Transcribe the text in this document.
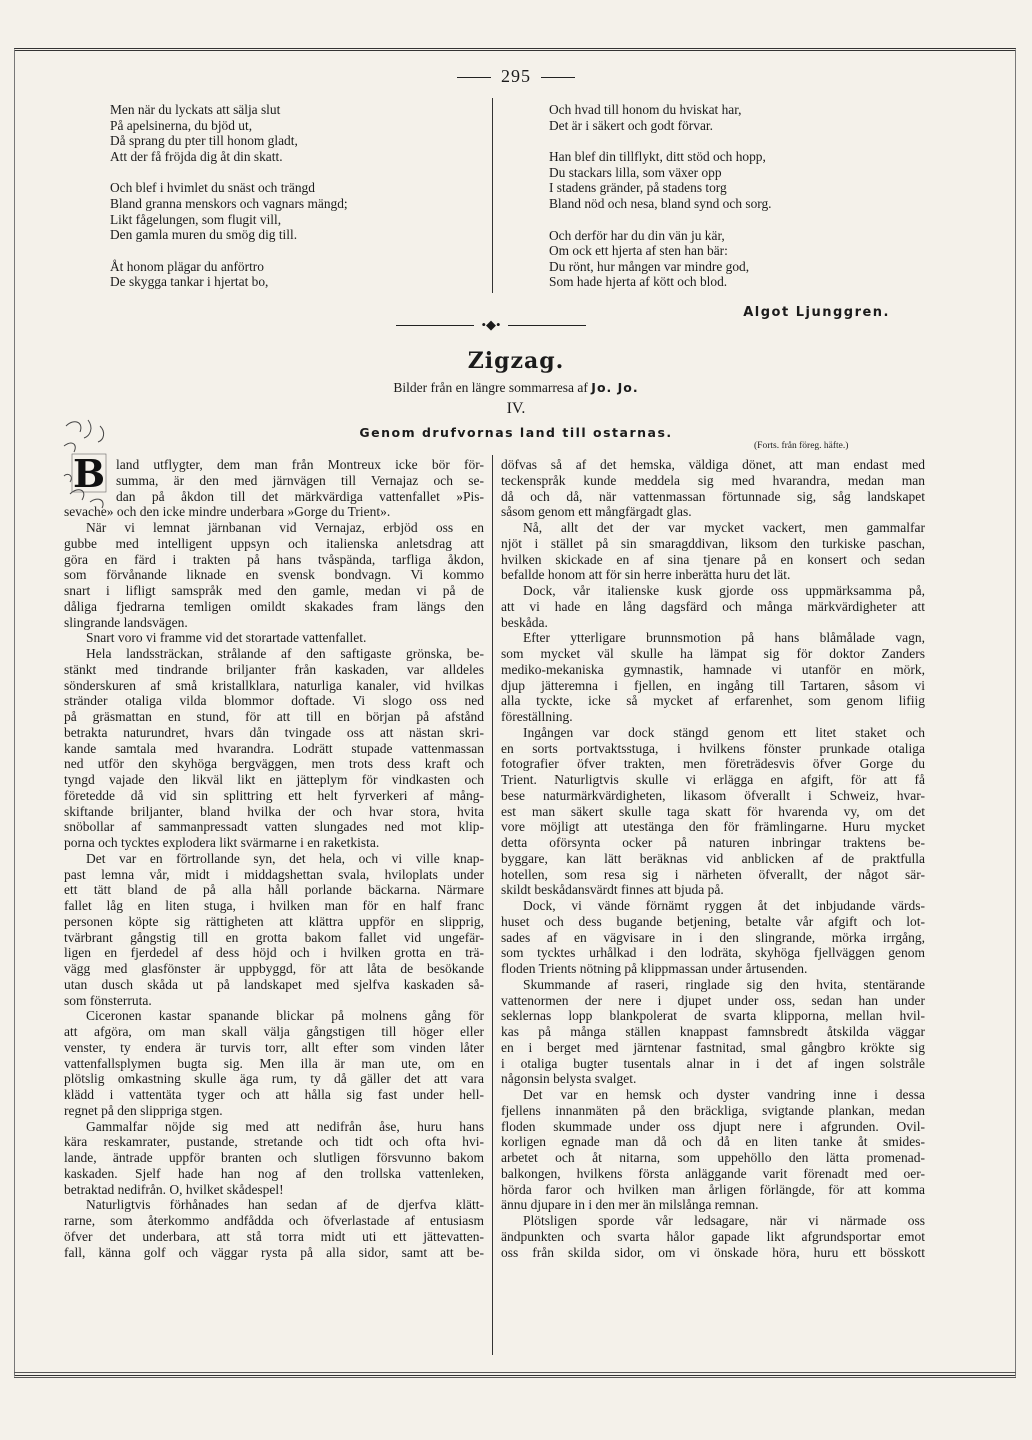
295
Men när du lyckats att sälja slut
På apelsinerna, du bjöd ut,
Då sprang du pter till honom gladt,
Att der få fröjda dig åt din skatt.
Och blef i hvimlet du snäst och trängd
Bland granna menskors och vagnars mängd;
Likt fågelungen, som flugit vill,
Den gamla muren du smög dig till.
Åt honom plägar du anförtro
De skygga tankar i hjertat bo,
Och hvad till honom du hviskat har,
Det är i säkert och godt förvar.
Han blef din tillflykt, ditt stöd och hopp,
Du stackars lilla, som växer opp
I stadens gränder, på stadens torg
Bland nöd och nesa, bland synd och sorg.
Och derför har du din vän ju kär,
Om ock ett hjerta af sten han bär:
Du rönt, hur mången var mindre god,
Som hade hjerta af kött och blod.
Algot Ljunggren.
•◆•
Zigzag.
Bilder från en längre sommarresa af Jo. Jo.
IV.
Genom drufvornas land till ostarnas.
(Forts. från föreg. häfte.)
B land utflygter, dem man från Montreux icke bör för-
summa, är den med järnvägen till Vernajaz och se-
dan på åkdon till det märkvärdiga vattenfallet »Pis-
sevache» och den icke mindre underbara »Gorge du Trient».
När vi lemnat järnbanan vid Vernajaz, erbjöd oss en
gubbe med intelligent uppsyn och italienska anletsdrag att
göra en färd i trakten på hans tvåspända, tarfliga åkdon,
som förvånande liknade en svensk bondvagn. Vi kommo
snart i lifligt samspråk med den gamle, medan vi på de
dåliga fjedrarna temligen omildt skakades fram längs den
slingrande landsvägen.
Snart voro vi framme vid det storartade vattenfallet.
Hela landssträckan, strålande af den saftigaste grönska, be-
stänkt med tindrande briljanter från kaskaden, var alldeles
sönderskuren af små kristallklara, naturliga kanaler, vid hvilkas
stränder otaliga vilda blommor doftade. Vi slogo oss ned
på gräsmattan en stund, för att till en början på afstånd
betrakta naturundret, hvars dån tvingade oss att nästan skri-
kande samtala med hvarandra. Lodrätt stupade vattenmassan
ned utför den skyhöga bergväggen, men trots dess kraft och
tyngd vajade den likväl likt en jätteplym för vindkasten och
företedde då vid sin splittring ett helt fyrverkeri af mång-
skiftande briljanter, bland hvilka der och hvar stora, hvita
snöbollar af sammanpressadt vatten slungades ned mot klip-
porna och tycktes explodera likt svärmarne i en raketkista.
Det var en förtrollande syn, det hela, och vi ville knap-
past lemna vår, midt i middagshettan svala, hviloplats under
ett tätt bland de på alla håll porlande bäckarna. Närmare
fallet låg en liten stuga, i hvilken man för en half franc
personen köpte sig rättigheten att klättra uppför en slipprig,
tvärbrant gångstig till en grotta bakom fallet vid ungefär-
ligen en fjerdedel af dess höjd och i hvilken grotta en trä-
vägg med glasfönster är uppbyggd, för att låta de besökande
utan dusch skåda ut på landskapet med sjelfva kaskaden så-
som fönsterruta.
Ciceronen kastar spanande blickar på molnens gång för
att afgöra, om man skall välja gångstigen till höger eller
venster, ty endera är turvis torr, allt efter som vinden låter
vattenfallsplymen bugta sig. Men illa är man ute, om en
plötslig omkastning skulle äga rum, ty då gäller det att vara
klädd i vattentäta tyger och att hålla sig fast under hell-
regnet på den slippriga stgen.
Gammalfar nöjde sig med att nedifrån åse, huru hans
kära reskamrater, pustande, stretande och tidt och ofta hvi-
lande, äntrade uppför branten och slutligen försvunno bakom
kaskaden. Sjelf hade han nog af den trollska vattenleken,
betraktad nedifrån. O, hvilket skådespel!
Naturligtvis förhånades han sedan af de djerfva klätt-
rarne, som återkommo andfådda och öfverlastade af entusiasm
öfver det underbara, att stå torra midt uti ett jättevatten-
fall, känna golf och väggar rysta på alla sidor, samt att be-
döfvas så af det hemska, väldiga dönet, att man endast med
teckenspråk kunde meddela sig med hvarandra, medan man
då och då, när vattenmassan förtunnade sig, såg landskapet
såsom genom ett mångfärgadt glas.
Nå, allt det der var mycket vackert, men gammalfar
njöt i stället på sin smaragddivan, liksom den turkiske paschan,
hvilken skickade en af sina tjenare på en konsert och sedan
befallde honom att för sin herre inberätta huru det lät.
Dock, vår italienske kusk gjorde oss uppmärksamma på,
att vi hade en lång dagsfärd och många märkvärdigheter att
beskåda.
Efter ytterligare brunnsmotion på hans blåmålade vagn,
som mycket väl skulle ha lämpat sig för doktor Zanders
mediko-mekaniska gymnastik, hamnade vi utanför en mörk,
djup jätteremna i fjellen, en ingång till Tartaren, såsom vi
alla tyckte, icke så mycket af erfarenhet, som genom lifiig
föreställning.
Ingången var dock stängd genom ett litet staket och
en sorts portvaktsstuga, i hvilkens fönster prunkade otaliga
fotografier öfver trakten, men företrädesvis öfver Gorge du
Trient. Naturligtvis skulle vi erlägga en afgift, för att få
bese naturmärkvärdigheten, likasom öfverallt i Schweiz, hvar-
est man säkert skulle taga skatt för hvarenda vy, om det
vore möjligt att utestänga den för främlingarne. Huru mycket
detta oförsynta ocker på naturen inbringar traktens be-
byggare, kan lätt beräknas vid anblicken af de praktfulla
hotellen, som resa sig i närheten öfverallt, der något sär-
skildt beskådansvärdt finnes att bjuda på.
Dock, vi vände förnämt ryggen åt det inbjudande värds-
huset och dess bugande betjening, betalte vår afgift och lot-
sades af en vägvisare in i den slingrande, mörka irrgång,
som tycktes urhålkad i den lodräta, skyhöga fjellväggen genom
floden Trients nötning på klippmassan under årtusenden.
Skummande af raseri, ringlade sig den hvita, stentärande
vattenormen der nere i djupet under oss, sedan han under
seklernas lopp blankpolerat de svarta klipporna, mellan hvil-
kas på många ställen knappast famnsbredt åtskilda väggar
en i berget med järntenar fastnitad, smal gångbro krökte sig
i otaliga bugter tusentals alnar in i det af ingen solstråle
någonsin belysta svalget.
Det var en hemsk och dyster vandring inne i dessa
fjellens innanmäten på den bräckliga, svigtande plankan, medan
floden skummade under oss djupt nere i afgrunden. Ovil-
korligen egnade man då och då en liten tanke åt smides-
arbetet och åt nitarna, som uppehöllo den lätta promenad-
balkongen, hvilkens första anläggande varit förenadt med oer-
hörda faror och hvilken man årligen förlängde, för att komma
ännu djupare in i den mer än milslånga remnan.
Plötsligen sporde vår ledsagare, när vi närmade oss
ändpunkten och svarta hålor gapade likt afgrundsportar emot
oss från skilda sidor, om vi önskade höra, huru ett bösskott
